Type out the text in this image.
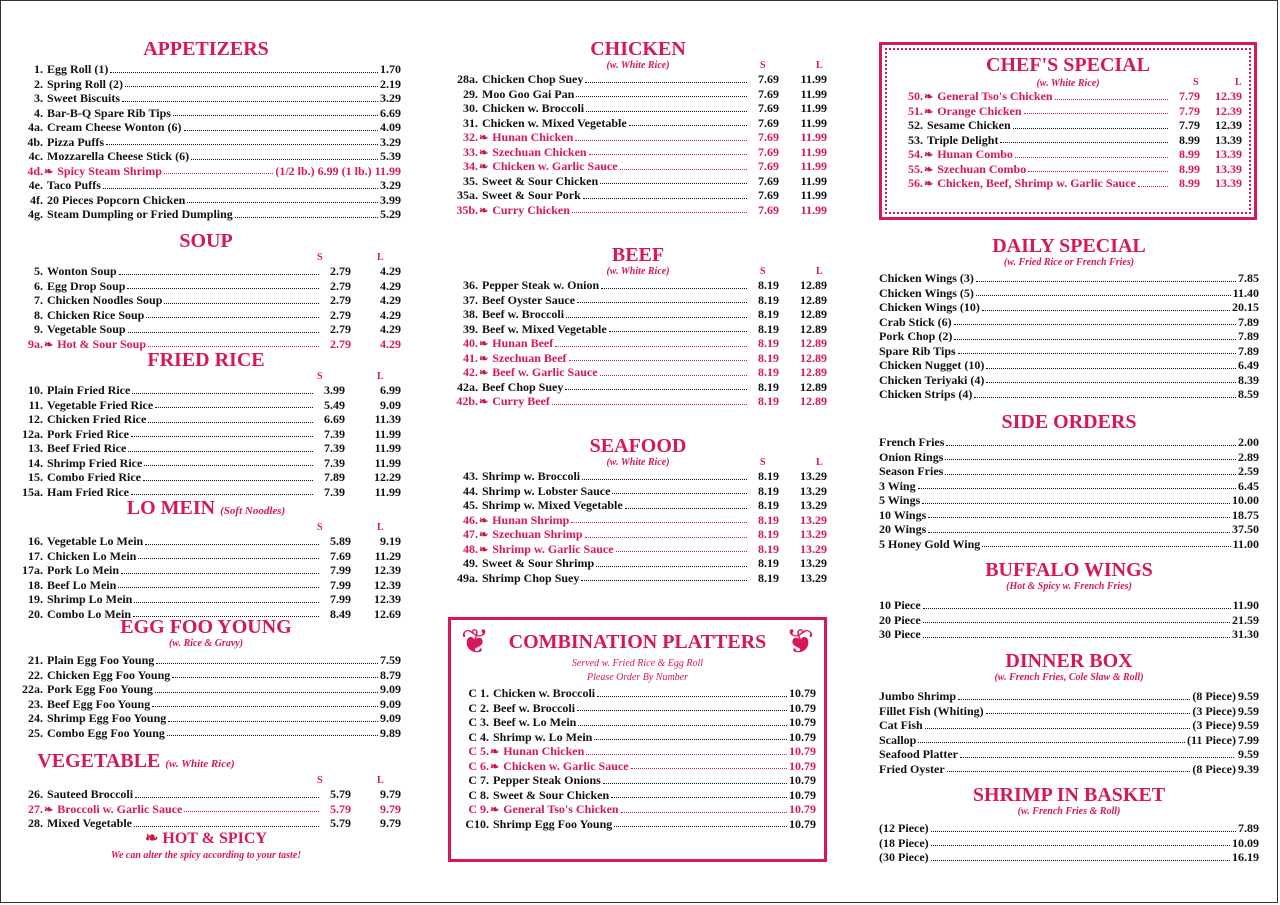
APPETIZERS
1. Egg Roll (1)	1.70
2. Spring Roll (2)	2.19
3. Sweet Biscuits	3.29
4. Bar-B-Q Spare Rib Tips	6.69
4a. Cream Cheese Wonton (6)	4.09
4b. Pizza Puffs	3.29
4c. Mozzarella Cheese Stick (6)	5.39
4d. ❧ Spicy Steam Shrimp	(1/2 lb.) 6.99 (1 lb.) 11.99
4e. Taco Puffs	3.29
4f. 20 Pieces Popcorn Chicken	3.99
4g. Steam Dumpling or Fried Dumpling	5.29
SOUP
S	L
5. Wonton Soup	2.79	4.29
6. Egg Drop Soup	2.79	4.29
7. Chicken Noodles Soup	2.79	4.29
8. Chicken Rice Soup	2.79	4.29
9. Vegetable Soup	2.79	4.29
9a. ❧ Hot & Sour Soup	2.79	4.29
FRIED RICE
S	L
10. Plain Fried Rice	3.99	6.99
11. Vegetable Fried Rice	5.49	9.09
12. Chicken Fried Rice	6.69	11.39
12a. Pork Fried Rice	7.39	11.99
13. Beef Fried Rice	7.39	11.99
14. Shrimp Fried Rice	7.39	11.99
15. Combo Fried Rice	7.89	12.29
15a. Ham Fried Rice	7.39	11.99
LO MEIN (Soft Noodles)
S	L
16. Vegetable Lo Mein	5.89	9.19
17. Chicken Lo Mein	7.69	11.29
17a. Pork Lo Mein	7.99	12.39
18. Beef Lo Mein	7.99	12.39
19. Shrimp Lo Mein	7.99	12.39
20. Combo Lo Mein	8.49	12.69
EGG FOO YOUNG
(w. Rice & Gravy)
21. Plain Egg Foo Young	7.59
22. Chicken Egg Foo Young	8.79
22a. Pork Egg Foo Young	9.09
23. Beef Egg Foo Young	9.09
24. Shrimp Egg Foo Young	9.09
25. Combo Egg Foo Young	9.89
VEGETABLE (w. White Rice)
S	L
26. Sauteed Broccoli	5.79	9.79
27. ❧ Broccoli w. Garlic Sauce	5.79	9.79
28. Mixed Vegetable	5.79	9.79
❧ HOT & SPICY
We can alter the spicy according to your taste!
CHICKEN
(w. White Rice)	S	L
28a. Chicken Chop Suey	7.69	11.99
29. Moo Goo Gai Pan	7.69	11.99
30. Chicken w. Broccoli	7.69	11.99
31. Chicken w. Mixed Vegetable	7.69	11.99
32. ❧ Hunan Chicken	7.69	11.99
33. ❧ Szechuan Chicken	7.69	11.99
34. ❧ Chicken w. Garlic Sauce	7.69	11.99
35. Sweet & Sour Chicken	7.69	11.99
35a. Sweet & Sour Pork	7.69	11.99
35b. ❧ Curry Chicken	7.69	11.99
BEEF
(w. White Rice)	S	L
36. Pepper Steak w. Onion	8.19	12.89
37. Beef Oyster Sauce	8.19	12.89
38. Beef w. Broccoli	8.19	12.89
39. Beef w. Mixed Vegetable	8.19	12.89
40. ❧ Hunan Beef	8.19	12.89
41. ❧ Szechuan Beef	8.19	12.89
42. ❧ Beef w. Garlic Sauce	8.19	12.89
42a. Beef Chop Suey	8.19	12.89
42b. ❧ Curry Beef	8.19	12.89
SEAFOOD
(w. White Rice)	S	L
43. Shrimp w. Broccoli	8.19	13.29
44. Shrimp w. Lobster Sauce	8.19	13.29
45. Shrimp w. Mixed Vegetable	8.19	13.29
46. ❧ Hunan Shrimp	8.19	13.29
47. ❧ Szechuan Shrimp	8.19	13.29
48. ❧ Shrimp w. Garlic Sauce	8.19	13.29
49. Sweet & Sour Shrimp	8.19	13.29
49a. Shrimp Chop Suey	8.19	13.29
❦	❦
COMBINATION PLATTERS
Served w. Fried Rice & Egg Roll
Please Order By Number
C 1. Chicken w. Broccoli	10.79
C 2. Beef w. Broccoli	10.79
C 3. Beef w. Lo Mein	10.79
C 4. Shrimp w. Lo Mein	10.79
C 5. ❧ Hunan Chicken	10.79
C 6. ❧ Chicken w. Garlic Sauce	10.79
C 7. Pepper Steak Onions	10.79
C 8. Sweet & Sour Chicken	10.79
C 9. ❧ General Tso's Chicken	10.79
C10. Shrimp Egg Foo Young	10.79
CHEF'S SPECIAL
(w. White Rice)	S	L
50. ❧ General Tso's Chicken	7.79	12.39
51. ❧ Orange Chicken	7.79	12.39
52. Sesame Chicken	7.79	12.39
53. Triple Delight	8.99	13.39
54. ❧ Hunan Combo	8.99	13.39
55. ❧ Szechuan Combo	8.99	13.39
56. ❧ Chicken, Beef, Shrimp w. Garlic Sauce	8.99	13.39
DAILY SPECIAL
(w. Fried Rice or French Fries)
Chicken Wings (3)	7.85
Chicken Wings (5)	11.40
Chicken Wings (10)	20.15
Crab Stick (6)	7.89
Pork Chop (2)	7.89
Spare Rib Tips	7.89
Chicken Nugget (10)	6.49
Chicken Teriyaki (4)	8.39
Chicken Strips (4)	8.59
SIDE ORDERS
French Fries	2.00
Onion Rings	2.89
Season Fries	2.59
3 Wing	6.45
5 Wings	10.00
10 Wings	18.75
20 Wings	37.50
5 Honey Gold Wing	11.00
BUFFALO WINGS
(Hot & Spicy w. French Fries)
10 Piece	11.90
20 Piece	21.59
30 Piece	31.30
DINNER BOX
(w. French Fries, Cole Slaw & Roll)
Jumbo Shrimp	(8 Piece) 9.59
Fillet Fish (Whiting)	(3 Piece) 9.59
Cat Fish	(3 Piece) 9.59
Scallop	(11 Piece) 7.99
Seafood Platter	9.59
Fried Oyster	(8 Piece) 9.39
SHRIMP IN BASKET
(w. French Fries & Roll)
(12 Piece)	7.89
(18 Piece)	10.09
(30 Piece)	16.19
